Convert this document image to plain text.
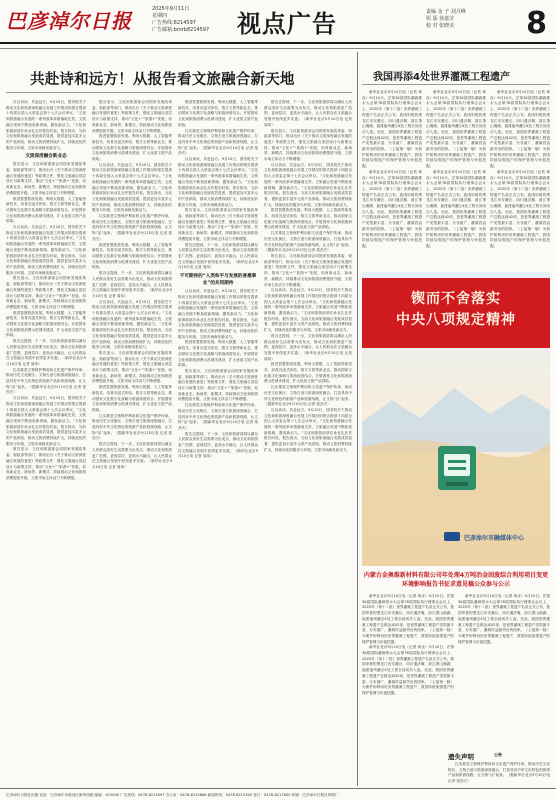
巴彦淖尔日报	2025年9月11日
星期四
广告热线:8214597
广告邮箱:bmrb8214597 视点广告	责编 金 子 刘月峰
组 版 徐嘉莹
校 对 张晓美	8
共赴诗和远方！从报告看文旅融合新天地

旦以谈谈，共赴远方。9月10日，国务院关于推动文化和旅游深度融合发展工作情况的报告提请十四届全国人大常委会第十七次会议审议。“文化和旅游融合发展的一系列改革举措落地生效，文旅融合发展不断拓宽新领域、激发新活力。”文化和旅游部部长孙业礼在作报告时说。报告指出，当前文化和旅游融合发展成效显著，提供更加丰富多元的产品供给，推动文旅消费持续扩大，持续优化的服务与环境，文旅市场焕发新活力。

文旅深度融合新业态

报告显示，文化和旅游部会同国家发展改革委、财政部等部门，推动出台《关于推动文旅深度融合发展的意见》等政策文件，强化文旅融合顶层设计与政策支持，推动“文化+”“旅游+”发展，培育新业态、新场景、新模式，持续推动文化和旅游消费提质升级，文旅市场主体活力不断增强。

推进智慧旅游发展。利用大数据、人工智能等新技术，培育沉浸式体验、数字文旅等新业态，推动国家文化数字化战略与旅游深度结合。开展国家文化和旅游消费示范城市建设，扩大优质文旅产品供给。

旦以谈谈，共赴远方。9月10日，国务院关于推动文化和旅游深度融合发展工作情况的报告提请十四届全国人大常委会第十七次会议审议。“文化和旅游融合发展的一系列改革举措落地生效，文旅融合发展不断拓宽新领域、激发新活力。”文化和旅游部部长孙业礼在作报告时说。报告指出，当前文化和旅游融合发展成效显著，提供更加丰富多元的产品供给，推动文旅消费持续扩大，持续优化的服务与环境，文旅市场焕发新活力。

报告显示，文化和旅游部会同国家发展改革委、财政部等部门，推动出台《关于推动文旅深度融合发展的意见》等政策文件，强化文旅融合顶层设计与政策支持，推动“文化+”“旅游+”发展，培育新业态、新场景、新模式，持续推动文化和旅游消费提质升级，文旅市场主体活力不断增强。

推进智慧旅游发展。利用大数据、人工智能等新技术，培育沉浸式体验、数字文旅等新业态，推动国家文化数字化战略与旅游深度结合。开展国家文化和旅游消费示范城市建设，扩大优质文旅产品供给。

报告还提到，下一步，文化和旅游部将以满足人民群众美好生活需要为出发点，推动文化和旅游更广范围、更深层次、更高水平融合，让人民群众在文旅融合发展中获得更多实惠。（新华社北京9月10日电 记者 周玮）

扎实推进文物保护利用和文化遗产保护传承，推动历史文化街区、文物古迹与旅游深度融合，打造具有中华文化特色的旅游产品和旅游线路，让文物“活”起来。（据新华社北京9月10日电 记者 梁劲夫）

旦以谈谈，共赴远方。9月10日，国务院关于推动文化和旅游深度融合发展工作情况的报告提请十四届全国人大常委会第十七次会议审议。“文化和旅游融合发展的一系列改革举措落地生效，文旅融合发展不断拓宽新领域、激发新活力。”文化和旅游部部长孙业礼在作报告时说。报告指出，当前文化和旅游融合发展成效显著，提供更加丰富多元的产品供给，推动文旅消费持续扩大，持续优化的服务与环境，文旅市场焕发新活力。

报告显示，文化和旅游部会同国家发展改革委、财政部等部门，推动出台《关于推动文旅深度融合发展的意见》等政策文件，强化文旅融合顶层设计与政策支持，推动“文化+”“旅游+”发展，培育新业态、新场景、新模式，持续推动文化和旅游消费提质升级，文旅市场主体活力不断增强。

报告显示，文化和旅游部会同国家发展改革委、财政部等部门，推动出台《关于推动文旅深度融合发展的意见》等政策文件，强化文旅融合顶层设计与政策支持，推动“文化+”“旅游+”发展，培育新业态、新场景、新模式，持续推动文化和旅游消费提质升级，文旅市场主体活力不断增强。

推进智慧旅游发展。利用大数据、人工智能等新技术，培育沉浸式体验、数字文旅等新业态，推动国家文化数字化战略与旅游深度结合。开展国家文化和旅游消费示范城市建设，扩大优质文旅产品供给。

旦以谈谈，共赴远方。9月10日，国务院关于推动文化和旅游深度融合发展工作情况的报告提请十四届全国人大常委会第十七次会议审议。“文化和旅游融合发展的一系列改革举措落地生效，文旅融合发展不断拓宽新领域、激发新活力。”文化和旅游部部长孙业礼在作报告时说。报告指出，当前文化和旅游融合发展成效显著，提供更加丰富多元的产品供给，推动文旅消费持续扩大，持续优化的服务与环境，文旅市场焕发新活力。

扎实推进文物保护利用和文化遗产保护传承，推动历史文化街区、文物古迹与旅游深度融合，打造具有中华文化特色的旅游产品和旅游线路，让文物“活”起来。（据新华社北京9月10日电 记者 梁劲夫）

推进智慧旅游发展。利用大数据、人工智能等新技术，培育沉浸式体验、数字文旅等新业态，推动国家文化数字化战略与旅游深度结合。开展国家文化和旅游消费示范城市建设，扩大优质文旅产品供给。

报告还提到，下一步，文化和旅游部将以满足人民群众美好生活需要为出发点，推动文化和旅游更广范围、更深层次、更高水平融合，让人民群众在文旅融合发展中获得更多实惠。（新华社北京9月10日电 记者 周玮）

旦以谈谈，共赴远方。9月10日，国务院关于推动文化和旅游深度融合发展工作情况的报告提请十四届全国人大常委会第十七次会议审议。“文化和旅游融合发展的一系列改革举措落地生效，文旅融合发展不断拓宽新领域、激发新活力。”文化和旅游部部长孙业礼在作报告时说。报告指出，当前文化和旅游融合发展成效显著，提供更加丰富多元的产品供给，推动文旅消费持续扩大，持续优化的服务与环境，文旅市场焕发新活力。

报告显示，文化和旅游部会同国家发展改革委、财政部等部门，推动出台《关于推动文旅深度融合发展的意见》等政策文件，强化文旅融合顶层设计与政策支持，推动“文化+”“旅游+”发展，培育新业态、新场景、新模式，持续推动文化和旅游消费提质升级，文旅市场主体活力不断增强。

推进智慧旅游发展。利用大数据、人工智能等新技术，培育沉浸式体验、数字文旅等新业态，推动国家文化数字化战略与旅游深度结合。开展国家文化和旅游消费示范城市建设，扩大优质文旅产品供给。

扎实推进文物保护利用和文化遗产保护传承，推动历史文化街区、文物古迹与旅游深度融合，打造具有中华文化特色的旅游产品和旅游线路，让文物“活”起来。（据新华社北京9月10日电 记者 梁劲夫）

报告还提到，下一步，文化和旅游部将以满足人民群众美好生活需要为出发点，推动文化和旅游更广范围、更深层次、更高水平融合，让人民群众在文旅融合发展中获得更多实惠。（新华社北京9月10日电 记者 周玮）

推进智慧旅游发展。利用大数据、人工智能等新技术，培育沉浸式体验、数字文旅等新业态，推动国家文化数字化战略与旅游深度结合。开展国家文化和旅游消费示范城市建设，扩大优质文旅产品供给。

扎实推进文物保护利用和文化遗产保护传承，推动历史文化街区、文物古迹与旅游深度融合，打造具有中华文化特色的旅游产品和旅游线路，让文物“活”起来。（据新华社北京9月10日电 记者 梁劲夫）

旦以谈谈，共赴远方。9月10日，国务院关于推动文化和旅游深度融合发展工作情况的报告提请十四届全国人大常委会第十七次会议审议。“文化和旅游融合发展的一系列改革举措落地生效，文旅融合发展不断拓宽新领域、激发新活力。”文化和旅游部部长孙业礼在作报告时说。报告指出，当前文化和旅游融合发展成效显著，提供更加丰富多元的产品供给，推动文旅消费持续扩大，持续优化的服务与环境，文旅市场焕发新活力。

报告显示，文化和旅游部会同国家发展改革委、财政部等部门，推动出台《关于推动文旅深度融合发展的意见》等政策文件，强化文旅融合顶层设计与政策支持，推动“文化+”“旅游+”发展，培育新业态、新场景、新模式，持续推动文化和旅游消费提质升级，文旅市场主体活力不断增强。

报告还提到，下一步，文化和旅游部将以满足人民群众美好生活需要为出发点，推动文化和旅游更广范围、更深层次、更高水平融合，让人民群众在文旅融合发展中获得更多实惠。（新华社北京9月10日电 记者 周玮）

不可期待的“人类和平与发展的普惠事业”的共同期待

旦以谈谈，共赴远方。9月10日，国务院关于推动文化和旅游深度融合发展工作情况的报告提请十四届全国人大常委会第十七次会议审议。“文化和旅游融合发展的一系列改革举措落地生效，文旅融合发展不断拓宽新领域、激发新活力。”文化和旅游部部长孙业礼在作报告时说。报告指出，当前文化和旅游融合发展成效显著，提供更加丰富多元的产品供给，推动文旅消费持续扩大，持续优化的服务与环境，文旅市场焕发新活力。

推进智慧旅游发展。利用大数据、人工智能等新技术，培育沉浸式体验、数字文旅等新业态，推动国家文化数字化战略与旅游深度结合。开展国家文化和旅游消费示范城市建设，扩大优质文旅产品供给。

报告显示，文化和旅游部会同国家发展改革委、财政部等部门，推动出台《关于推动文旅深度融合发展的意见》等政策文件，强化文旅融合顶层设计与政策支持，推动“文化+”“旅游+”发展，培育新业态、新场景、新模式，持续推动文化和旅游消费提质升级，文旅市场主体活力不断增强。

扎实推进文物保护利用和文化遗产保护传承，推动历史文化街区、文物古迹与旅游深度融合，打造具有中华文化特色的旅游产品和旅游线路，让文物“活”起来。（据新华社北京9月10日电 记者 梁劲夫）

报告还提到，下一步，文化和旅游部将以满足人民群众美好生活需要为出发点，推动文化和旅游更广范围、更深层次、更高水平融合，让人民群众在文旅融合发展中获得更多实惠。（新华社北京9月10日电 记者 周玮）

报告还提到，下一步，文化和旅游部将以满足人民群众美好生活需要为出发点，推动文化和旅游更广范围、更深层次、更高水平融合，让人民群众在文旅融合发展中获得更多实惠。（新华社北京9月10日电 记者 周玮）

报告显示，文化和旅游部会同国家发展改革委、财政部等部门，推动出台《关于推动文旅深度融合发展的意见》等政策文件，强化文旅融合顶层设计与政策支持，推动“文化+”“旅游+”发展，培育新业态、新场景、新模式，持续推动文化和旅游消费提质升级，文旅市场主体活力不断增强。

旦以谈谈，共赴远方。9月10日，国务院关于推动文化和旅游深度融合发展工作情况的报告提请十四届全国人大常委会第十七次会议审议。“文化和旅游融合发展的一系列改革举措落地生效，文旅融合发展不断拓宽新领域、激发新活力。”文化和旅游部部长孙业礼在作报告时说。报告指出，当前文化和旅游融合发展成效显著，提供更加丰富多元的产品供给，推动文旅消费持续扩大，持续优化的服务与环境，文旅市场焕发新活力。

推进智慧旅游发展。利用大数据、人工智能等新技术，培育沉浸式体验、数字文旅等新业态，推动国家文化数字化战略与旅游深度结合。开展国家文化和旅游消费示范城市建设，扩大优质文旅产品供给。

扎实推进文物保护利用和文化遗产保护传承，推动历史文化街区、文物古迹与旅游深度融合，打造具有中华文化特色的旅游产品和旅游线路，让文物“活”起来。（据新华社北京9月10日电 记者 梁劲夫）

报告显示，文化和旅游部会同国家发展改革委、财政部等部门，推动出台《关于推动文旅深度融合发展的意见》等政策文件，强化文旅融合顶层设计与政策支持，推动“文化+”“旅游+”发展，培育新业态、新场景、新模式，持续推动文化和旅游消费提质升级，文旅市场主体活力不断增强。

旦以谈谈，共赴远方。9月10日，国务院关于推动文化和旅游深度融合发展工作情况的报告提请十四届全国人大常委会第十七次会议审议。“文化和旅游融合发展的一系列改革举措落地生效，文旅融合发展不断拓宽新领域、激发新活力。”文化和旅游部部长孙业礼在作报告时说。报告指出，当前文化和旅游融合发展成效显著，提供更加丰富多元的产品供给，推动文旅消费持续扩大，持续优化的服务与环境，文旅市场焕发新活力。

报告还提到，下一步，文化和旅游部将以满足人民群众美好生活需要为出发点，推动文化和旅游更广范围、更深层次、更高水平融合，让人民群众在文旅融合发展中获得更多实惠。（新华社北京9月10日电 记者 周玮）

推进智慧旅游发展。利用大数据、人工智能等新技术，培育沉浸式体验、数字文旅等新业态，推动国家文化数字化战略与旅游深度结合。开展国家文化和旅游消费示范城市建设，扩大优质文旅产品供给。

扎实推进文物保护利用和文化遗产保护传承，推动历史文化街区、文物古迹与旅游深度融合，打造具有中华文化特色的旅游产品和旅游线路，让文物“活”起来。（据新华社北京9月10日电 记者 梁劲夫）

旦以谈谈，共赴远方。9月10日，国务院关于推动文化和旅游深度融合发展工作情况的报告提请十四届全国人大常委会第十七次会议审议。“文化和旅游融合发展的一系列改革举措落地生效，文旅融合发展不断拓宽新领域、激发新活力。”文化和旅游部部长孙业礼在作报告时说。报告指出，当前文化和旅游融合发展成效显著，提供更加丰富多元的产品供给，推动文旅消费持续扩大，持续优化的服务与环境，文旅市场焕发新活力。

我国再添4处世界灌溉工程遗产

新华社北京9月10日电（记者 黄垚）9月10日，在第36届国际灌溉排水大会第76届国际执行理事会会议上，2025年（第十二批）世界灌溉工程遗产名录正式公布，我国申报的黑龙江庆安灌区、四川通济堰、浙江萧山湘湖、福建福州灌区4处工程全部成功入选。至此，我国世界灌溉工程遗产总数达到42项，是世界灌溉工程遗产类型最丰富、分布最广、灌溉效益最突出的国家。（上接第一版）为保护和利用好世界灌溉工程遗产，我国持续加强遗产的保护管理与价值挖掘。

新华社北京9月10日电（记者 黄垚）9月10日，在第36届国际灌溉排水大会第76届国际执行理事会会议上，2025年（第十二批）世界灌溉工程遗产名录正式公布，我国申报的黑龙江庆安灌区、四川通济堰、浙江萧山湘湖、福建福州灌区4处工程全部成功入选。至此，我国世界灌溉工程遗产总数达到42项，是世界灌溉工程遗产类型最丰富、分布最广、灌溉效益最突出的国家。（上接第一版）为保护和利用好世界灌溉工程遗产，我国持续加强遗产的保护管理与价值挖掘。

新华社北京9月10日电（记者 黄垚）9月10日，在第36届国际灌溉排水大会第76届国际执行理事会会议上，2025年（第十二批）世界灌溉工程遗产名录正式公布，我国申报的黑龙江庆安灌区、四川通济堰、浙江萧山湘湖、福建福州灌区4处工程全部成功入选。至此，我国世界灌溉工程遗产总数达到42项，是世界灌溉工程遗产类型最丰富、分布最广、灌溉效益最突出的国家。（上接第一版）为保护和利用好世界灌溉工程遗产，我国持续加强遗产的保护管理与价值挖掘。

新华社北京9月10日电（记者 黄垚）9月10日，在第36届国际灌溉排水大会第76届国际执行理事会会议上，2025年（第十二批）世界灌溉工程遗产名录正式公布，我国申报的黑龙江庆安灌区、四川通济堰、浙江萧山湘湖、福建福州灌区4处工程全部成功入选。至此，我国世界灌溉工程遗产总数达到42项，是世界灌溉工程遗产类型最丰富、分布最广、灌溉效益最突出的国家。（上接第一版）为保护和利用好世界灌溉工程遗产，我国持续加强遗产的保护管理与价值挖掘。

新华社北京9月10日电（记者 黄垚）9月10日，在第36届国际灌溉排水大会第76届国际执行理事会会议上，2025年（第十二批）世界灌溉工程遗产名录正式公布，我国申报的黑龙江庆安灌区、四川通济堰、浙江萧山湘湖、福建福州灌区4处工程全部成功入选。至此，我国世界灌溉工程遗产总数达到42项，是世界灌溉工程遗产类型最丰富、分布最广、灌溉效益最突出的国家。（上接第一版）为保护和利用好世界灌溉工程遗产，我国持续加强遗产的保护管理与价值挖掘。

新华社北京9月10日电（记者 黄垚）9月10日，在第36届国际灌溉排水大会第76届国际执行理事会会议上，2025年（第十二批）世界灌溉工程遗产名录正式公布，我国申报的黑龙江庆安灌区、四川通济堰、浙江萧山湘湖、福建福州灌区4处工程全部成功入选。至此，我国世界灌溉工程遗产总数达到42项，是世界灌溉工程遗产类型最丰富、分布最广、灌溉效益最突出的国家。（上接第一版）为保护和利用好世界灌溉工程遗产，我国持续加强遗产的保护管理与价值挖掘。

锲而不舍落实
中央八项规定精神
巴彦淖尔市融媒体中心
内蒙古金奥维新材料有限公司年处理4万吨冶金固废综合利用项目变更环境影响报告书征求意见稿公众参与公示

新华社北京9月10日电（记者 黄垚）9月10日，在第36届国际灌溉排水大会第76届国际执行理事会会议上，2025年（第十二批）世界灌溉工程遗产名录正式公布，我国申报的黑龙江庆安灌区、四川通济堰、浙江萧山湘湖、福建福州灌区4处工程全部成功入选。至此，我国世界灌溉工程遗产总数达到42项，是世界灌溉工程遗产类型最丰富、分布最广、灌溉效益最突出的国家。（上接第一版）为保护和利用好世界灌溉工程遗产，我国持续加强遗产的保护管理与价值挖掘。

新华社北京9月10日电（记者 黄垚）9月10日，在第36届国际灌溉排水大会第76届国际执行理事会会议上，2025年（第十二批）世界灌溉工程遗产名录正式公布，我国申报的黑龙江庆安灌区、四川通济堰、浙江萧山湘湖、福建福州灌区4处工程全部成功入选。至此，我国世界灌溉工程遗产总数达到42项，是世界灌溉工程遗产类型最丰富、分布最广、灌溉效益最突出的国家。（上接第一版）为保护和利用好世界灌溉工程遗产，我国持续加强遗产的保护管理与价值挖掘。

新华社北京9月10日电（记者 黄垚）9月10日，在第36届国际灌溉排水大会第76届国际执行理事会会议上，2025年（第十二批）世界灌溉工程遗产名录正式公布，我国申报的黑龙江庆安灌区、四川通济堰、浙江萧山湘湖、福建福州灌区4处工程全部成功入选。至此，我国世界灌溉工程遗产总数达到42项，是世界灌溉工程遗产类型最丰富、分布最广、灌溉效益最突出的国家。（上接第一版）为保护和利用好世界灌溉工程遗产，我国持续加强遗产的保护管理与价值挖掘。

遗失声明	公告

扎实推进文物保护利用和文化遗产保护传承，推动历史文化街区、文物古迹与旅游深度融合，打造具有中华文化特色的旅游产品和旅游线路，让文物“活”起来。（据新华社北京9月10日电 记者 梁劲夫）

巴彦淖尔日报社出版 社址：巴彦淖尔市临河区新华西街 邮编：015000 广告热线：0478-8214597 办公室：0478-8215866 新闻热线：0478-8212345 发行：0478-8217800 印刷：巴彦淖尔日报社印刷厂
